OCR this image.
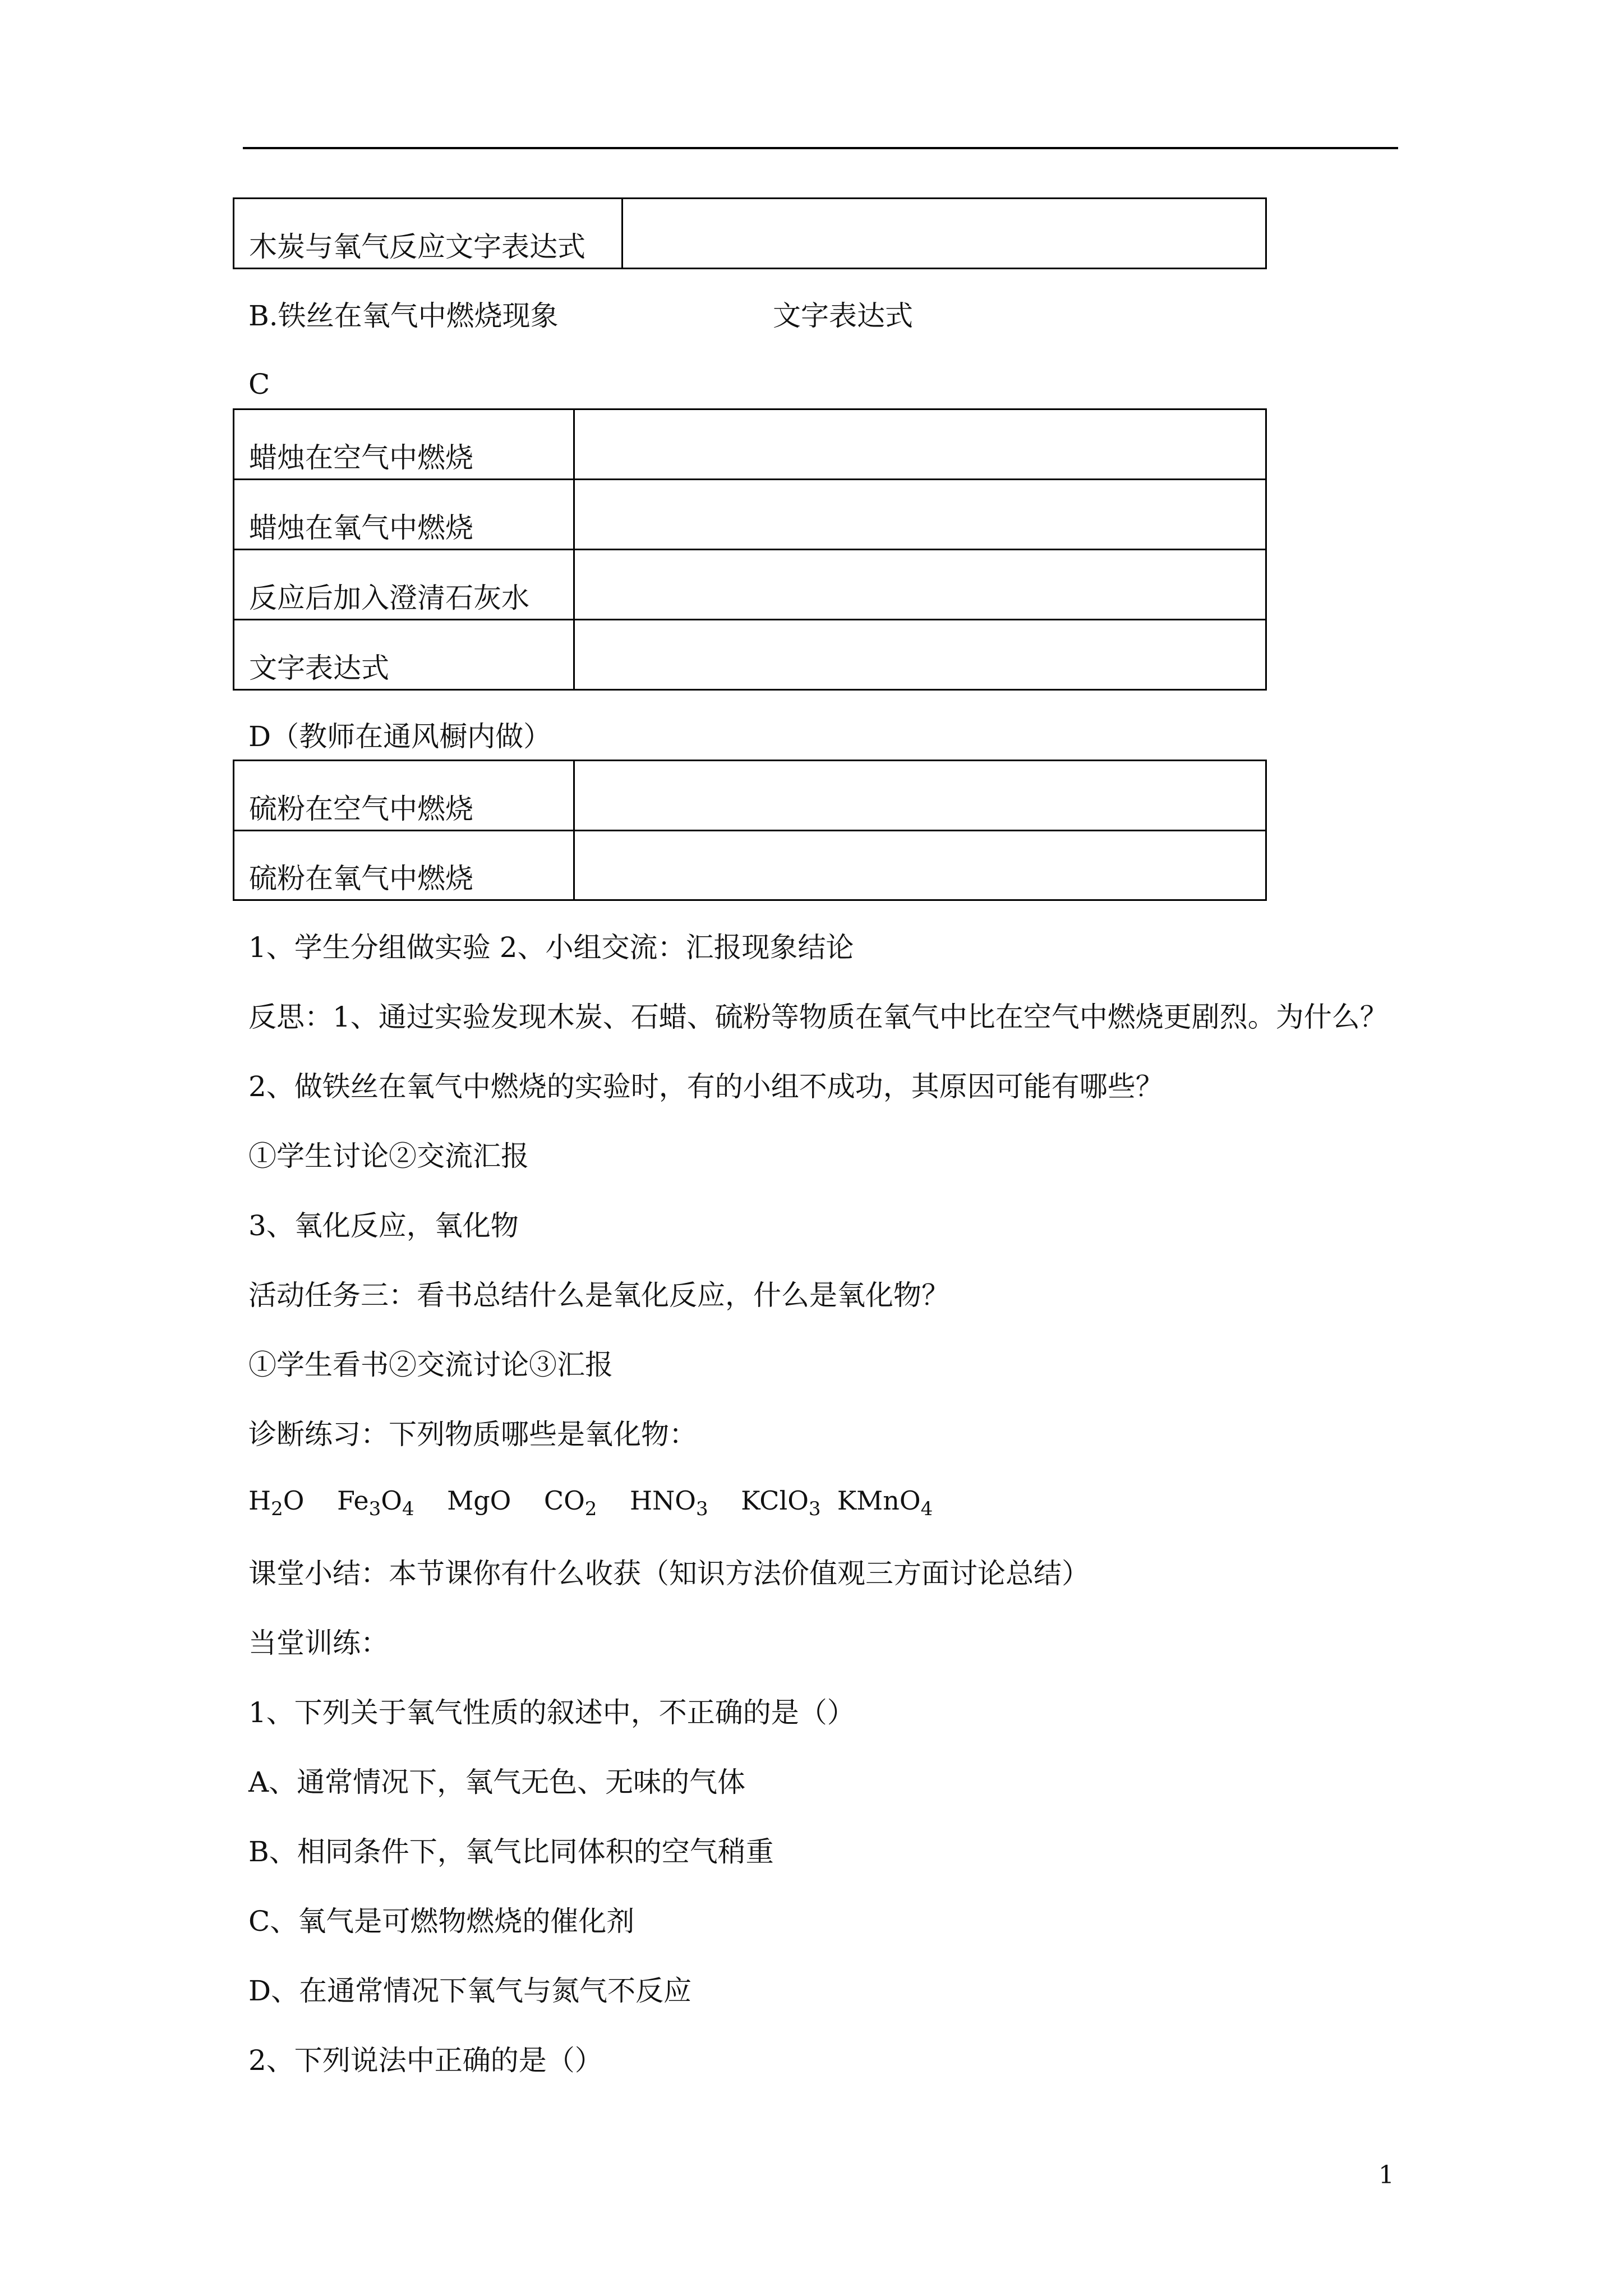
木炭与氧气反应文字表达式	
B.铁丝在氧气中燃烧现象	文字表达式
C
蜡烛在空气中燃烧	
蜡烛在氧气中燃烧	
反应后加入澄清石灰水	
文字表达式	
D（教师在通风橱内做）
硫粉在空气中燃烧	
硫粉在氧气中燃烧	
1、学生分组做实验 2、小组交流：汇报现象结论
反思：1、通过实验发现木炭、石蜡、硫粉等物质在氧气中比在空气中燃烧更剧烈。为什么？
2、做铁丝在氧气中燃烧的实验时，有的小组不成功，其原因可能有哪些？
①学生讨论②交流汇报
3、氧化反应，氧化物
活动任务三：看书总结什么是氧化反应，什么是氧化物？
①学生看书②交流讨论③汇报
诊断练习：下列物质哪些是氧化物：
$H_2O$ $Fe_3O_4$ MgO $CO_2$ $HNO_3$ KClO$_3$ KMnO$_4$
课堂小结：本节课你有什么收获（知识方法价值观三方面讨论总结）
当堂训练：
1、下列关于氧气性质的叙述中，不正确的是（）
A、通常情况下，氧气无色、无味的气体
B、相同条件下，氧气比同体积的空气稍重
C、氧气是可燃物燃烧的催化剂
D、在通常情况下氧气与氮气不反应
2、下列说法中正确的是（）
1
